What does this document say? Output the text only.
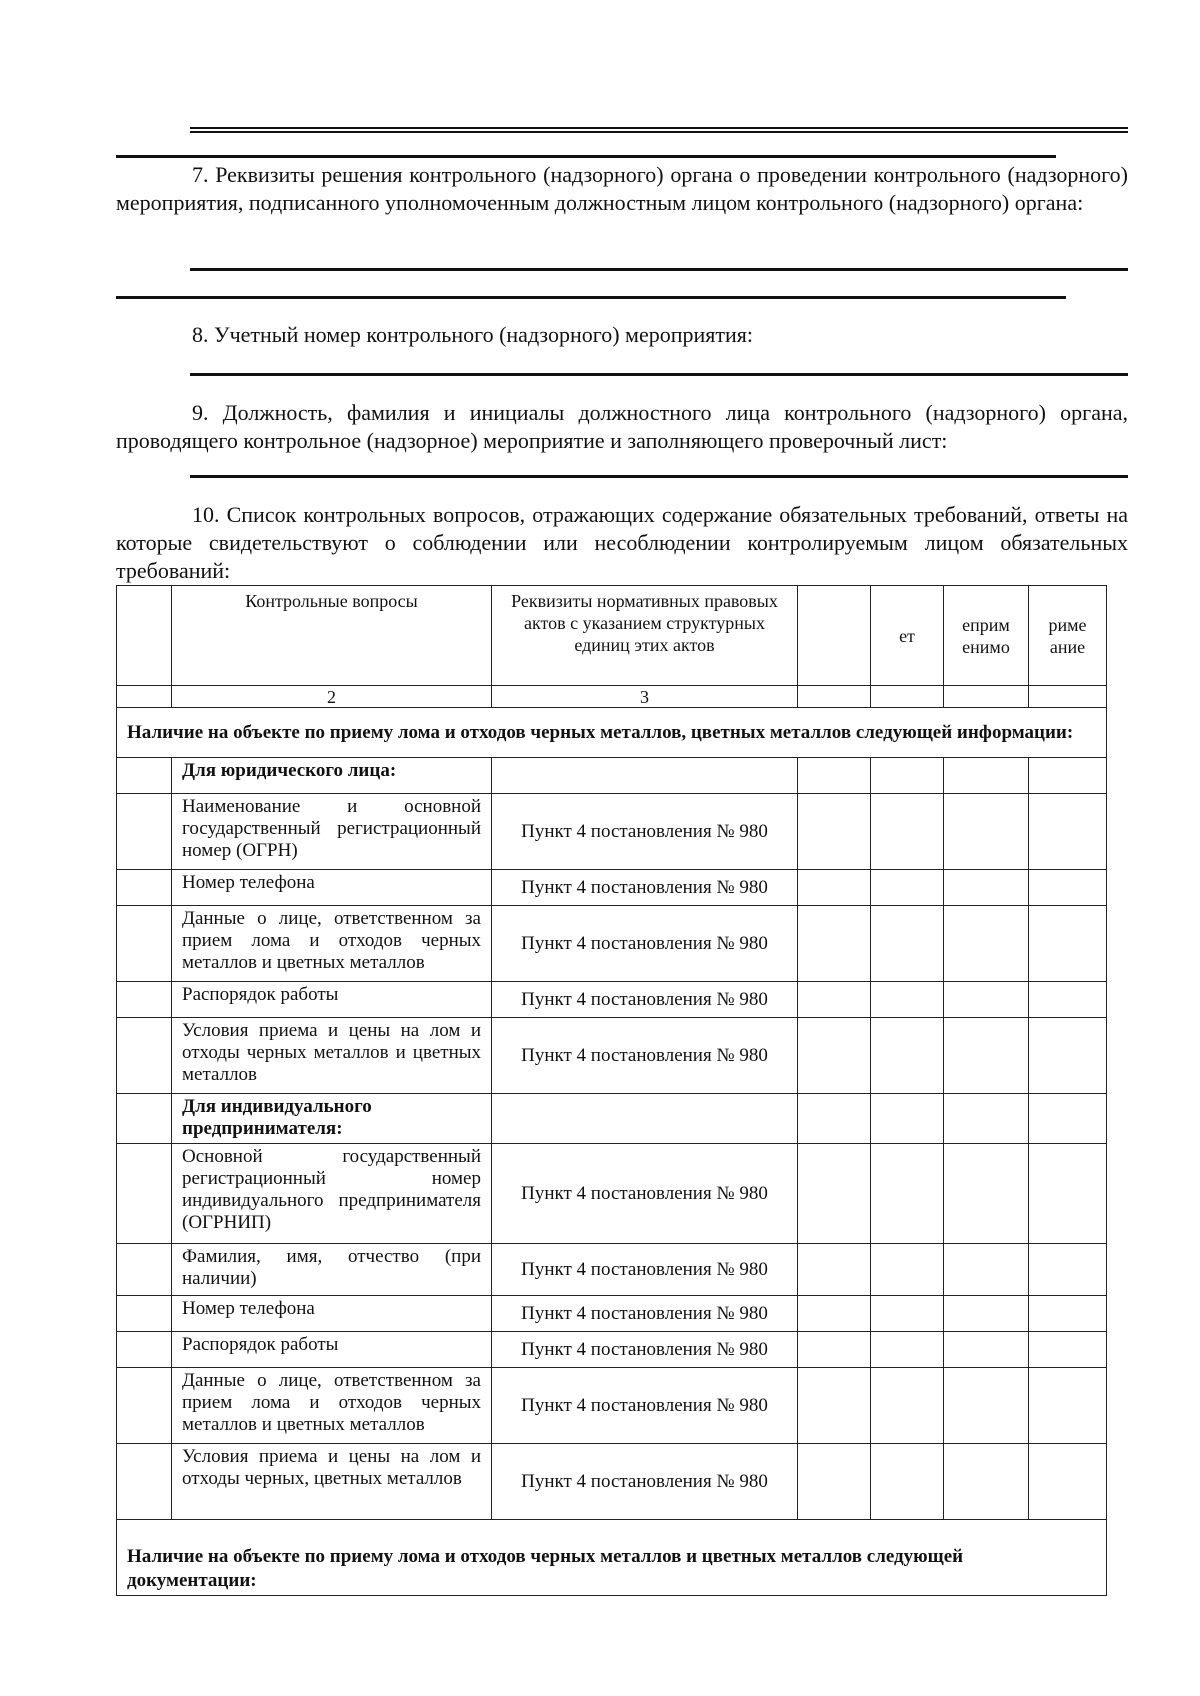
7. Реквизиты решения контрольного (надзорного) органа о проведении контрольного (надзорного) мероприятия, подписанного уполномоченным должностным лицом контрольного (надзорного) органа:
8. Учетный номер контрольного (надзорного) мероприятия:
9. Должность, фамилия и инициалы должностного лица контрольного (надзорного) органа, проводящего контрольное (надзорное) мероприятие и заполняющего проверочный лист:
10. Список контрольных вопросов, отражающих содержание обязательных требований, ответы на которые свидетельствуют о соблюдении или несоблюдении контролируемым лицом обязательных требований:
	Контрольные вопросы	Реквизиты нормативных правовых актов с указанием структурных единиц этих актов		ет	еприм енимо	риме ание
	2	3				
Наличие на объекте по приему лома и отходов черных металлов, цветных металлов следующей информации:						
	Для юридического лица:					
	Наименование и основной государственный регистрационный номер (ОГРН)	Пункт 4 постановления № 980				
	Номер телефона	Пункт 4 постановления № 980				
	Данные о лице, ответственном за прием лома и отходов черных металлов и цветных металлов	Пункт 4 постановления № 980				
	Распорядок работы	Пункт 4 постановления № 980				
	Условия приема и цены на лом и отходы черных металлов и цветных металлов	Пункт 4 постановления № 980				
	Для индивидуального предпринимателя:					
	Основной государственный регистрационный номер индивидуального предпринимателя (ОГРНИП)	Пункт 4 постановления № 980				
	Фамилия, имя, отчество (при наличии)	Пункт 4 постановления № 980				
	Номер телефона	Пункт 4 постановления № 980				
	Распорядок работы	Пункт 4 постановления № 980				
	Данные о лице, ответственном за прием лома и отходов черных металлов и цветных металлов	Пункт 4 постановления № 980				
	Условия приема и цены на лом и отходы черных, цветных металлов	Пункт 4 постановления № 980				
Наличие на объекте по приему лома и отходов черных металлов и цветных металлов следующей документации:						
